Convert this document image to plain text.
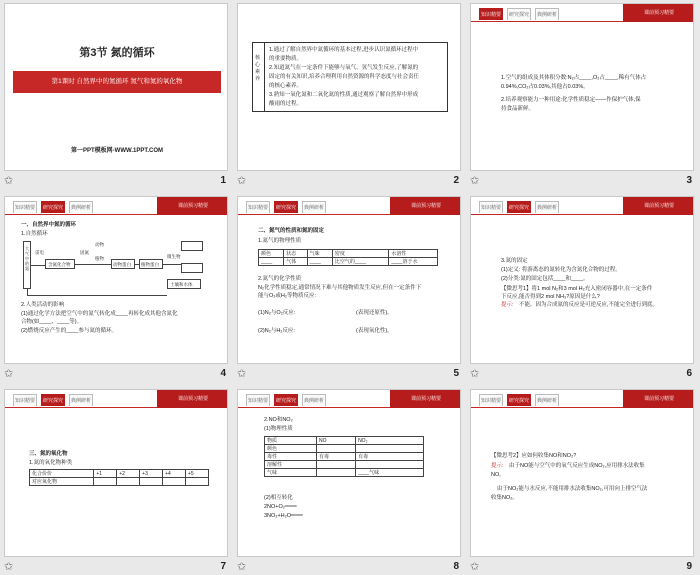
第3节 氮的循环
第1课时 自然界中的氮循环 氮气和氮的氧化物
第一PPT模板网-WWW.1PPT.COM
✩	1
核心素养
1.通过了解自然界中氮循环的基本过程,进步认识氮循环过程中
的重要物质。
2.知道氮气在一定条件下能够与氧气、氢气发生反应,了解氮的
固定的有关知识,培养合理利用自然资源的科学态度与社会责任
的核心素养。
3.熟知一氧化氮和二氧化氮的性质,通过观察了解自然界中形成
酸雨的过程。
✩	2
知识精要	研究探究	典例研析	课前预习精要
1.空气的组成及其体积分数:N₂占____,O₂占____,稀有气体占
0.94%,CO₂占0.03%,其他占0.03%。
2.培养观察能力一种用途:化学性质稳定——作保护气体,保
持食品新鲜。
✩	3
知识精要	研究探究	典例研析	课前预习精要
一、自然界中氮的循环
1.自然循环
大气中的氮
含氮化合物
动物
植物
雷电	固氮
动物蛋白 植物蛋白
微生物
土壤和水体
2.人类活动的影响
(1)通过化学方法把空气中的氮气转化成____再转化成其他含氮化
合物(如____、____等)。
(2)燃烧反应产生的____参与氮的循环。
✩	4
知识精要	研究探究	典例研析	课前预习精要
二、氮气的性质和氮的固定
1.氮气的物理性质
颜色	状态	气味	密度	水溶性
____	气体	____	比空气的____	____溶于水
2.氮气的化学性质
N₂化学性质稳定,通常情况下难与其他物质发生反应,但在一定条件下
能与O₂或H₂等物质反应:
(1)N₂与O₂反应:	(表现还原性)。
(2)N₂与H₂反应:	(表现氧化性)。
✩	5
知识精要	研究探究	典例研析	课前预习精要
3.氮的固定
(1)定义: 将游离态的氮转化为含氮化合物的过程。
(2)分类:氮的固定包括____和____。
【微思考1】将1 mol N₂和3 mol H₂充入密闭容器中,在一定条件
下反应,能否得到2 mol NH₃?原因是什么?
提示: 不能。因为合成氨的反应是可逆反应,不能完全进行到底。
✩	6
知识精要	研究探究	典例研析	课前预习精要
三、氮的氧化物
1.氮的氧化物种类
化合价价	+1	+2	+3	+4	+5
对应氧化物					
✩	7
知识精要	研究探究	典例研析	课前预习精要
2.NO和NO₂
(1)物理性质
物质	NO	NO₂
颜色		
毒性	有毒	有毒
溶解性		
气味		____气味
(2)相互转化
2NO+O₂═══
3NO₂+H₂O═══
✩	8
知识精要	研究探究	典例研析	课前预习精要
【微思考2】应如何收集NO和NO₂?
提示: 由于NO能与空气中的氧气反应生成NO₂,应用排水法收集
NO。
由于NO₂能与水反应,不能用排水法收集NO₂,可用向上排空气法
收集NO₂。
✩	9
